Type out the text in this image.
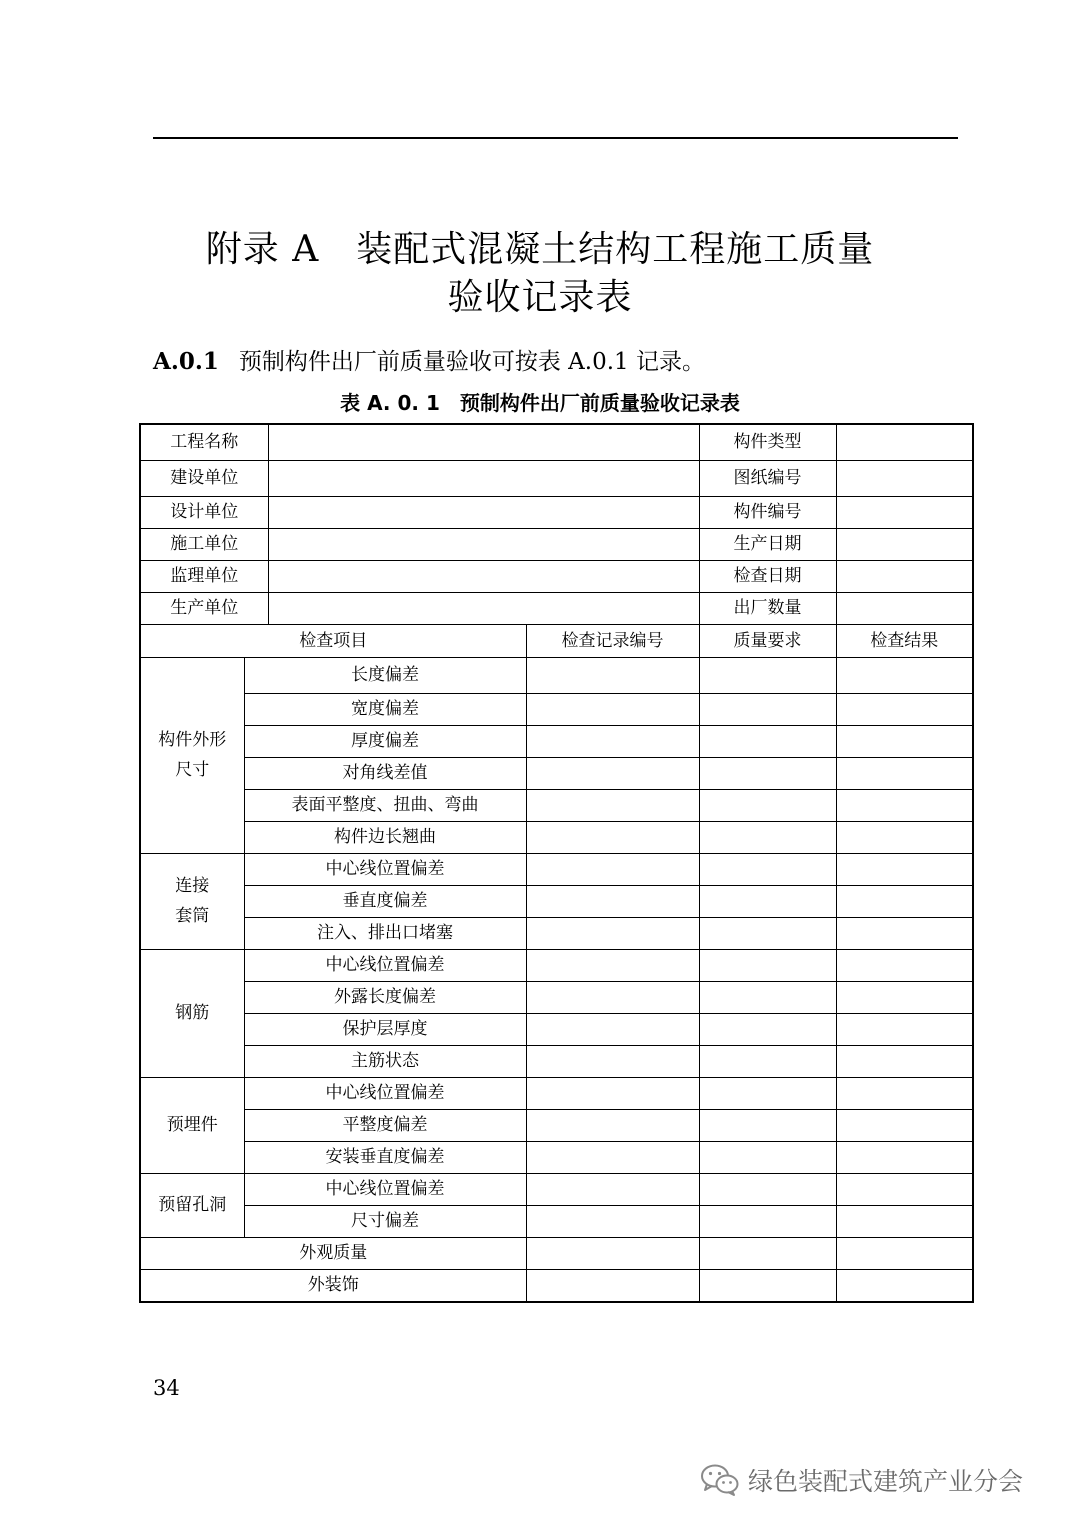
附录 A　装配式混凝土结构工程施工质量
验收记录表
A.0.1 预制构件出厂前质量验收可按表 A.0.1 记录。
表 A. 0. 1　预制构件出厂前质量验收记录表
工程名称				构件类型	
建设单位				图纸编号	
设计单位				构件编号	
施工单位				生产日期	
监理单位				检查日期	
生产单位				出厂数量	
检查项目			检查记录编号	质量要求	检查结果

构件外形
尺寸	长度偏差				
	宽度偏差				
	厚度偏差				
	对角线差值				
	表面平整度、扭曲、弯曲				
	构件边长翘曲				

连接
套筒	中心线位置偏差				
	垂直度偏差				
	注入、排出口堵塞				

钢筋	中心线位置偏差				
	外露长度偏差				
	保护层厚度				
	主筋状态				

预埋件	中心线位置偏差				
	平整度偏差				
	安装垂直度偏差				

预留孔洞	中心线位置偏差				
	尺寸偏差				
外观质量					
外装饰					
34
绿色装配式建筑产业分会
